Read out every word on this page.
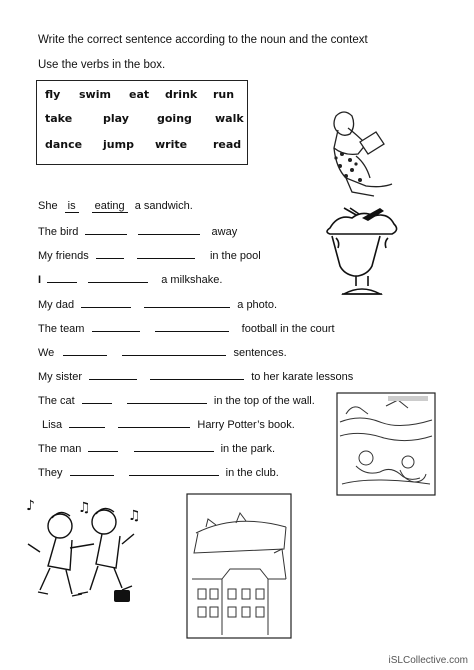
Write the correct sentence according to the noun and the context
Use the verbs in the box.
fly swim eat drink run
take	play	going walk
dance jump write read
She is eating a sandwich.
The bird	away
My friends	in the pool
I	a milkshake.
My dad	a photo.
The team	football in the court
We	sentences.
My sister	to her karate lessons
The cat	in the top of the wall.
Lisa	Harry Potter’s book.
The man	in the park.
They	in the club.
♪	♫	♫
iSLCollective.com
